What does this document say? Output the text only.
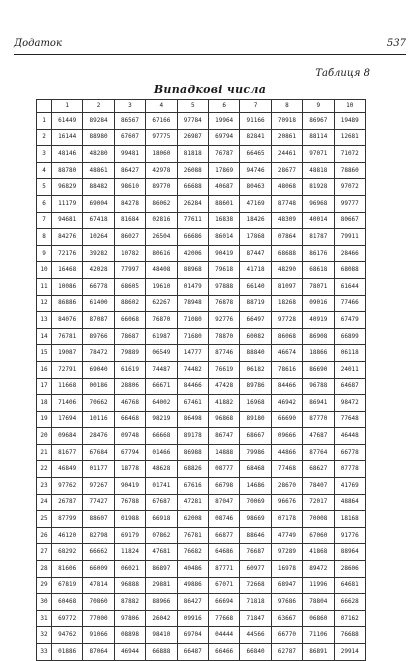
Додаток	537
Таблиця 8
Випадкові числа
	1	2	3	4	5	6	7	8	9	10
1	61449	89284	86567	67166	97784	19964	91166	70918	86967	19489
2	16144	88980	67607	97775	26987	69794	82841	20861	88114	12681
3	48146	48280	99481	18060	81818	76787	66465	24461	97071	71072
4	88780	48861	86427	42978	26088	17869	94746	28677	48818	78860
5	96829	88482	98610	89770	66688	40687	80463	48068	81928	97072
6	11179	69004	84278	86062	26284	88601	47169	87748	96968	99777
7	94681	67418	81684	02816	77611	16838	18426	48309	40014	80667
8	84276	10264	86027	26504	66686	86014	17868	07864	81787	79911
9	72176	39282	10782	80616	42006	90419	87447	68688	86176	28466
10	16468	42028	77997	48408	88968	79618	41718	48290	68618	68088
11	10086	66778	68605	19610	01479	97888	66140	81097	78071	61644
12	86886	61400	88602	62267	78948	76878	88719	18268	09016	77466
13	84076	87087	66068	76870	71080	92776	66497	97728	40919	67479
14	76781	89766	78687	61987	71680	78870	60082	86068	86908	66899
15	19087	78472	79889	06549	14777	87746	88840	46674	18866	06118
16	72791	69040	61619	74487	74482	76619	06182	78616	86690	24011
17	11668	00186	28806	66671	84466	47428	89786	84466	96788	64687
18	71406	70662	46768	64002	67461	41882	16968	46942	86941	98472
19	17694	10116	66468	98219	86498	96868	89180	66690	87770	77648
20	09684	28476	09748	66668	89178	86747	68667	09666	47687	46448
21	81677	67684	67794	01466	86988	14888	79986	44866	87764	66778
22	46849	01177	18778	48628	68826	08777	68468	77468	68627	07778
23	97762	97267	90419	01741	67616	66798	14686	28670	78407	41769
24	26787	77427	76788	67687	47281	87047	70069	96676	72017	48864
25	87799	88607	01988	66918	62008	08746	98669	07178	70008	18168
26	46120	82798	69179	07862	76781	66877	88646	47749	67060	91776
27	68292	66662	11824	47681	76682	64686	76687	97289	41868	88964
28	81606	66009	06021	86897	40486	87771	60977	16978	89472	28606
29	67819	47814	96888	29881	49886	67071	72668	68947	11996	64681
30	60468	70860	87882	88966	86427	66694	71818	97686	78804	66628
31	69772	77000	97806	26042	09916	77668	71847	63667	06860	07162
32	94762	91066	08898	98410	69704	04444	44566	66770	71106	76688
33	01886	87064	46944	66888	66487	66466	66840	62787	86891	29914
